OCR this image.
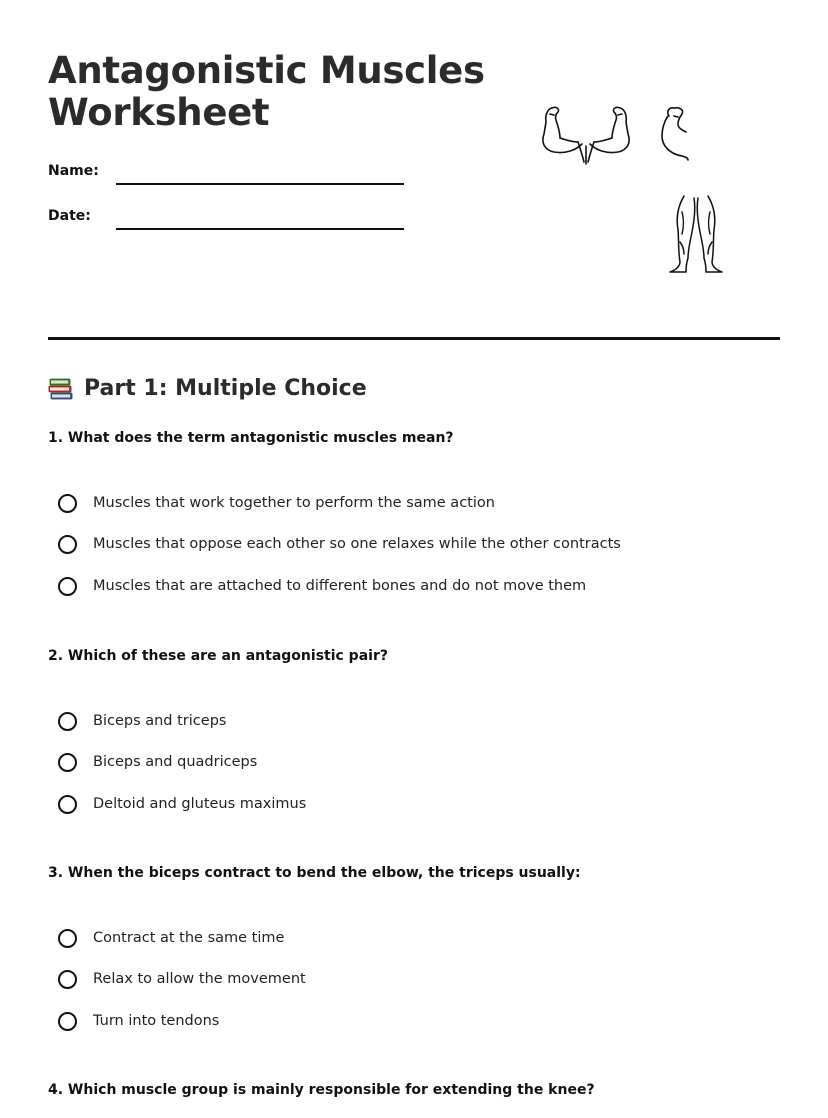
Antagonistic Muscles
Worksheet
Name:
Date:
Part 1: Multiple Choice

1. What does the term antagonistic muscles mean?

Muscles that work together to perform the same action
Muscles that oppose each other so one relaxes while the other contracts
Muscles that are attached to different bones and do not move them

2. Which of these are an antagonistic pair?

Biceps and triceps
Biceps and quadriceps
Deltoid and gluteus maximus

3. When the biceps contract to bend the elbow, the triceps usually:

Contract at the same time
Relax to allow the movement
Turn into tendons

4. Which muscle group is mainly responsible for extending the knee?
